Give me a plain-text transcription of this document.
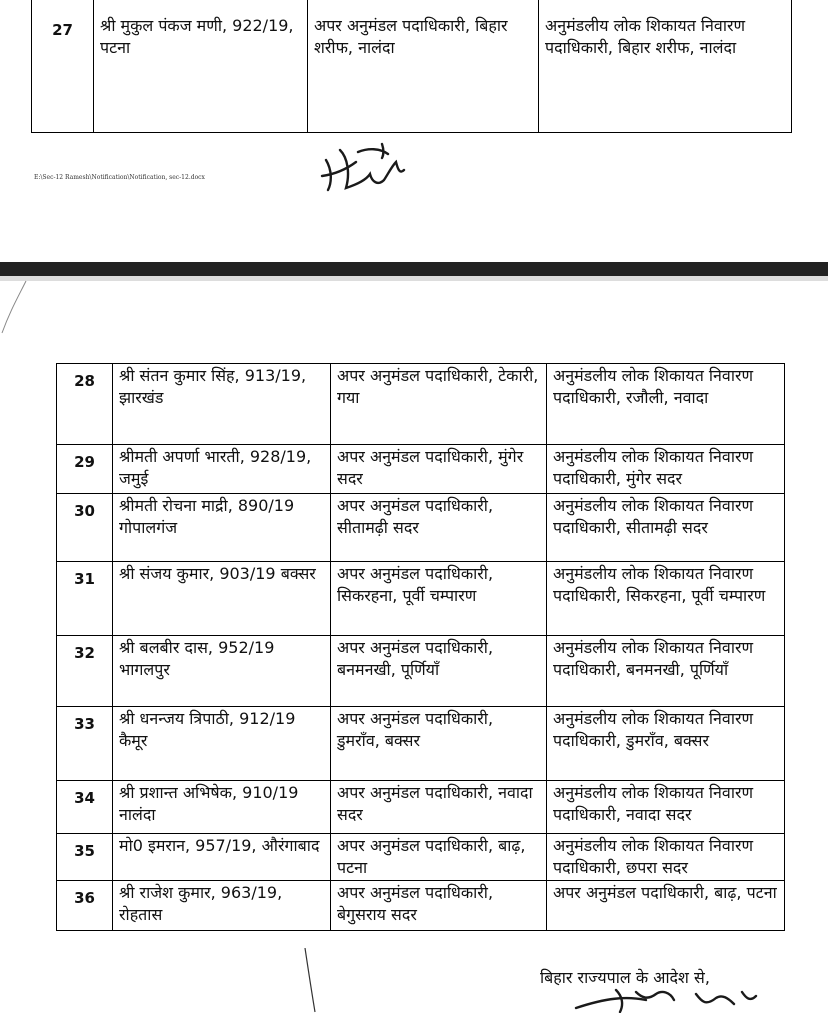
27	श्री मुकुल पंकज मणी, 922/19, पटना	अपर अनुमंडल पदाधिकारी, बिहार शरीफ, नालंदा	अनुमंडलीय लोक शिकायत निवारण पदाधिकारी, बिहार शरीफ, नालंदा
E:\Sec-12 Ramesh\Notification\Notification, sec-12.docx
28	श्री संतन कुमार सिंह, 913/19, झारखंड	अपर अनुमंडल पदाधिकारी, टेकारी, गया	अनुमंडलीय लोक शिकायत निवारण पदाधिकारी, रजौली, नवादा
29	श्रीमती अपर्णा भारती, 928/19, जमुई	अपर अनुमंडल पदाधिकारी, मुंगेर सदर	अनुमंडलीय लोक शिकायत निवारण पदाधिकारी, मुंगेर सदर
30	श्रीमती रोचना माद्री, 890/19 गोपालगंज	अपर अनुमंडल पदाधिकारी, सीतामढ़ी सदर	अनुमंडलीय लोक शिकायत निवारण पदाधिकारी, सीतामढ़ी सदर
31	श्री संजय कुमार, 903/19 बक्सर	अपर अनुमंडल पदाधिकारी, सिकरहना, पूर्वी चम्पारण	अनुमंडलीय लोक शिकायत निवारण पदाधिकारी, सिकरहना, पूर्वी चम्पारण
32	श्री बलबीर दास, 952/19 भागलपुर	अपर अनुमंडल पदाधिकारी, बनमनखी, पूर्णियाँ	अनुमंडलीय लोक शिकायत निवारण पदाधिकारी, बनमनखी, पूर्णियाँ
33	श्री धनन्जय त्रिपाठी, 912/19 कैमूर	अपर अनुमंडल पदाधिकारी, डुमराँव, बक्सर	अनुमंडलीय लोक शिकायत निवारण पदाधिकारी, डुमराँव, बक्सर
34	श्री प्रशान्त अभिषेक, 910/19 नालंदा	अपर अनुमंडल पदाधिकारी, नवादा सदर	अनुमंडलीय लोक शिकायत निवारण पदाधिकारी, नवादा सदर
35	मो0 इमरान, 957/19, औरंगाबाद	अपर अनुमंडल पदाधिकारी, बाढ़, पटना	अनुमंडलीय लोक शिकायत निवारण पदाधिकारी, छपरा सदर
36	श्री राजेश कुमार, 963/19, रोहतास	अपर अनुमंडल पदाधिकारी, बेगुसराय सदर	अपर अनुमंडल पदाधिकारी, बाढ़, पटना
बिहार राज्यपाल के आदेश से,
